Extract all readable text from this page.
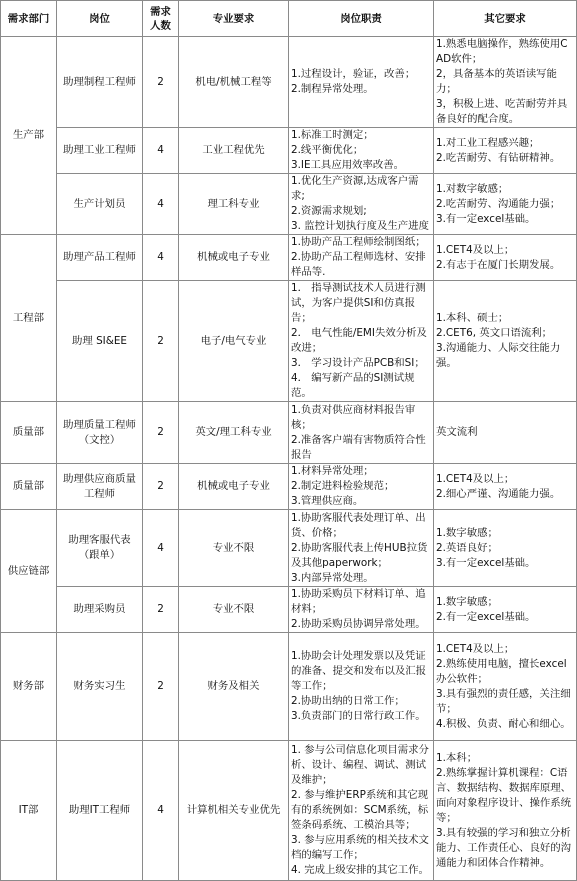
需求部门	岗位	需求人数	专业要求	岗位职责	其它要求
生产部	助理制程工程师	2	机电/机械工程等	1.过程设计，验证，改善；
2.制程异常处理。	1.熟悉电脑操作，熟练使用CAD软件；
2，具备基本的英语读写能力；
3，积极上进、吃苦耐劳并具备良好的配合度。

	助理工业工程师	4	工业工程优先	1.标准工时测定；
2.线平衡优化；
3.IE工具应用效率改善。	1.对工业工程感兴趣；
2.吃苦耐劳、有钻研精神。

	生产计划员	4	理工科专业	1.优化生产资源,达成客户需求;
2.资源需求规划;
3. 监控计划执行度及生产进度	1.对数字敏感；
2.吃苦耐劳、沟通能力强；
3.有一定excel基础。

工程部	助理产品工程师	4	机械或电子专业	1.协助产品工程师绘制图纸；
2.协助产品工程师选材、安排样品等.	1.CET4及以上；
2.有志于在厦门长期发展。

	助理 SI&EE	2	电子/电气专业	1． 指导测试技术人员进行测试，为客户提供SI和仿真报告；
2． 电气性能/EMI失效分析及改进；
3． 学习设计产品PCB和SI；
4． 编写新产品的SI测试规范。	1.本科、硕士；
2.CET6, 英文口语流利；
3.沟通能力、人际交往能力强。

质量部	助理质量工程师（文控）	2	英文/理工科专业	1.负责对供应商材料报告审核；
2.准备客户端有害物质符合性报告	英文流利

质量部	助理供应商质量工程师	2	机械或电子专业	1.材料异常处理；
2.制定进料检验规范；
3.管理供应商。	1.CET4及以上；
2.细心严谨、沟通能力强。

供应链部	助理客服代表（跟单）	4	专业不限	1.协助客服代表处理订单、出货、价格；
2.协助客服代表上传HUB拉货及其他paperwork；
3.内部异常处理。	1.数字敏感；
2.英语良好；
3.有一定excel基础。

	助理采购员	2	专业不限	1.协助采购员下材料订单、追材料；
2.协助采购员协调异常处理。	1.数字敏感；
2.有一定excel基础。

财务部	财务实习生	2	财务及相关	1.协助会计处理发票以及凭证的准备、提交和发布以及汇报等工作；
2.协助出纳的日常工作；
3.负责部门的日常行政工作。	1.CET4及以上；
2.熟练使用电脑，擅长excel办公软件；
3.具有强烈的责任感，关注细节；
4.积极、负责、耐心和细心。

IT部	助理IT工程师	4	计算机相关专业优先	1. 参与公司信息化项目需求分析、设计、编程、调试、测试及维护；
2. 参与维护ERP系统和其它现有的系统例如：SCM系统，标签条码系统、工模治具等；
3. 参与应用系统的相关技术文档的编写工作；
4. 完成上级安排的其它工作。	1.本科；
2.熟练掌握计算机课程：C语言、数据结构、数据库原理、面向对象程序设计、操作系统等；
3.具有较强的学习和独立分析能力、工作责任心、良好的沟通能力和团体合作精神。
